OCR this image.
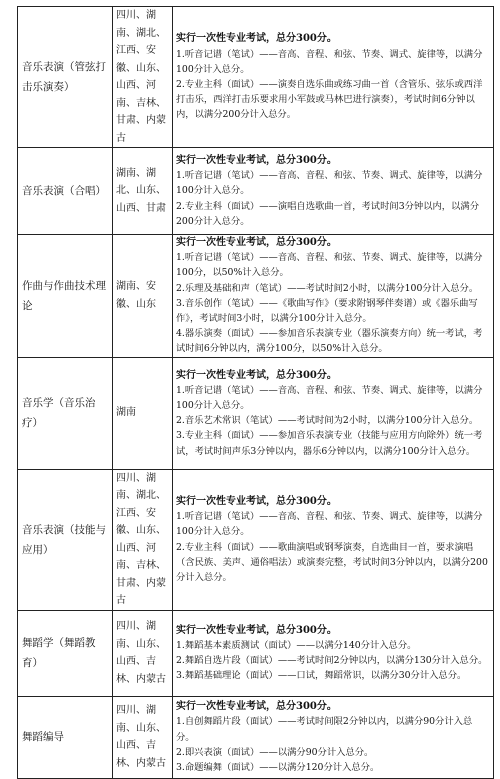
音乐表演（管弦打击乐演奏）	四川、湖南、湖北、江西、安徽、山东、山西、河南、吉林、甘肃、内蒙古	实行一次性专业考试，总分300分。
1.听音记谱（笔试）——音高、音程、和弦、节奏、调式、旋律等，以满分100分计入总分。
2.专业主科（面试）——演奏自选乐曲或练习曲一首（含管乐、弦乐或西洋打击乐，西洋打击乐要求用小军鼓或马林巴进行演奏），考试时间6分钟以内，以满分200分计入总分。

音乐表演（合唱）	湖南、湖北、山东、山西、甘肃	实行一次性专业考试，总分300分。
1.听音记谱（笔试）——音高、音程、和弦、节奏、调式、旋律等，以满分100分计入总分。
2.专业主科（面试）——演唱自选歌曲一首，考试时间3分钟以内，以满分200分计入总分。

作曲与作曲技术理论	湖南、安徽、山东	实行一次性专业考试，总分300分。
1.听音记谱（笔试）——音高、音程、和弦、节奏、调式、旋律等，以满分100分，以50%计入总分。
2.乐理及基础和声（笔试）——考试时间2小时，以满分100分计入总分。
3.音乐创作（笔试）——《歌曲写作》（要求附钢琴伴奏谱）或《器乐曲写作》，考试时间3小时，以满分100分计入总分。
4.器乐演奏（面试）——参加音乐表演专业（器乐演奏方向）统一考试，考试时间6分钟以内，满分100分，以50%计入总分。

音乐学（音乐治疗）	湖南	实行一次性专业考试，总分300分。
1.听音记谱（笔试）——音高、音程、和弦、节奏、调式、旋律等，以满分100分计入总分。
2.音乐艺术常识（笔试）——考试时间为2小时，以满分100分计入总分。
3.专业主科（面试）——参加音乐表演专业（技能与应用方向除外）统一考试，考试时间声乐3分钟以内，器乐6分钟以内，以满分100分计入总分。

音乐表演（技能与应用）	四川、湖南、湖北、江西、安徽、山东、山西、河南、吉林、甘肃、内蒙古	实行一次性专业考试，总分300分。
1.听音记谱（笔试）——音高、音程、和弦、节奏、调式、旋律等，以满分100分计入总分。
2.专业主科（面试）——歌曲演唱或钢琴演奏，自选曲目一首，要求演唱（含民族、美声、通俗唱法）或演奏完整，考试时间3分钟以内，以满分200分计入总分。

舞蹈学（舞蹈教育）	四川、湖南、山东、山西、吉林、内蒙古	实行一次性专业考试，总分300分。
1.舞蹈基本素质测试（面试）——以满分140分计入总分。
2.舞蹈自选片段（面试）——考试时间2分钟以内，以满分130分计入总分。
3.舞蹈基础理论（面试）——口试，舞蹈常识，以满分30分计入总分。

舞蹈编导	四川、湖南、山东、山西、吉林、内蒙古	实行一次性专业考试，总分300分。
1.自创舞蹈片段（面试）——考试时间限2分钟以内，以满分90分计入总分。
2.即兴表演（面试）——以满分90分计入总分。
3.命题编舞（面试）——以满分120分计入总分。
